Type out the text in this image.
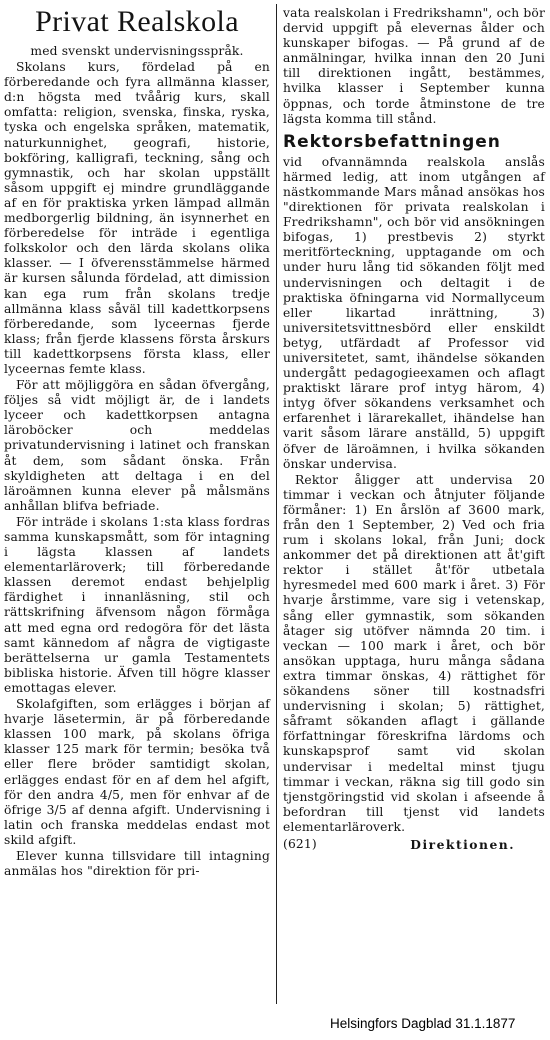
Privat Realskola
med svenskt undervisningsspråk.
Skolans kurs, fördelad på en förberedande och fyra allmänna klasser, d:n högsta med tvåårig kurs, skall omfatta: religion, svenska, finska, ryska, tyska och engelska språken, matematik, naturkunnighet, geografi, historie, bokföring, kalligrafi, teckning, sång och gymnastik, och har skolan uppställt såsom uppgift ej mindre grundläggande af en för praktiska yrken lämpad allmän medborgerlig bildning, än isynnerhet en förberedelse för inträde i egentliga folkskolor och den lärda skolans olika klasser. — I öfverensstämmelse härmed är kursen sålunda fördelad, att dimission kan ega rum från skolans tredje allmänna klass såväl till kadettkorpsens förberedande, som lyceernas fjerde klass; från fjerde klassens första årskurs till kadettkorpsens första klass, eller lyceernas femte klass.
För att möjliggöra en sådan öfvergång, följes så vidt möjligt är, de i landets lyceer och kadettkorpsen antagna läroböcker och meddelas privatundervisning i latinet och franskan åt dem, som sådant önska. Från skyldigheten att deltaga i en del läroämnen kunna elever på målsmäns anhållan blifva befriade.
För inträde i skolans 1:sta klass fordras samma kunskapsmått, som för intagning i lägsta klassen af landets elementarläroverk; till förberedande klassen deremot endast behjelplig färdighet i innanläsning, stil och rättskrifning äfvensom någon förmåga att med egna ord redogöra för det lästa samt kännedom af några de vigtigaste berättelserna ur gamla Testamentets bibliska historie. Äfven till högre klasser emottagas elever.
Skolafgiften, som erlägges i början af hvarje läsetermin, är på förberedande klassen 100 mark, på skolans öfriga klasser 125 mark för termin; besöka två eller flere bröder samtidigt skolan, erlägges endast för en af dem hel afgift, för den andra 4/5, men för enhvar af de öfrige 3/5 af denna afgift. Undervisning i latin och franska meddelas endast mot skild afgift.
Elever kunna tillsvidare till intagning anmälas hos "direktion för pri-
vata realskolan i Fredrikshamn", och bör dervid uppgift på elevernas ålder och kunskaper bifogas. — På grund af de anmälningar, hvilka innan den 20 Juni till direktionen ingått, bestämmes, hvilka klasser i September kunna öppnas, och torde åtminstone de tre lägsta komma till stånd.
Rektorsbefattningen
vid ofvannämnda realskola anslås härmed ledig, att inom utgången af nästkommande Mars månad ansökas hos "direktionen för privata realskolan i Fredrikshamn", och bör vid ansökningen bifogas, 1) prestbevis 2) styrkt meritförteckning, upptagande om och under huru lång tid sökanden följt med undervisningen och deltagit i de praktiska öfningarna vid Normallyceum eller likartad inrättning, 3) universitetsvittnesbörd eller enskildt betyg, utfärdadt af Professor vid universitetet, samt, ihändelse sökanden undergått pedagogieexamen och aflagt praktiskt lärare prof intyg härom, 4) intyg öfver sökandens verksamhet och erfarenhet i lärarekallet, ihändelse han varit såsom lärare anställd, 5) uppgift öfver de läroämnen, i hvilka sökanden önskar undervisa.
Rektor åligger att undervisa 20 timmar i veckan och åtnjuter följande förmåner: 1) En årslön af 3600 mark, från den 1 September, 2) Ved och fria rum i skolans lokal, från Juni; dock ankommer det på direktionen att åt'gift rektor i stället åt'för utbetala hyresmedel med 600 mark i året. 3) För hvarje årstimme, vare sig i vetenskap, sång eller gymnastik, som sökanden åtager sig utöfver nämnda 20 tim. i veckan — 100 mark i året, och bör ansökan upptaga, huru många sådana extra timmar önskas, 4) rättighet för sökandens söner till kostnadsfri undervisning i skolan; 5) rättighet, såframt sökanden aflagt i gällande författningar föreskrifna lärdoms och kunskapsprof samt vid skolan undervisar i medeltal minst tjugu timmar i veckan, räkna sig till godo sin tjenstgöringstid vid skolan i afseende å befordran till tjenst vid landets elementarläroverk.
(621)	Direktionen.
Helsingfors Dagblad 31.1.1877
